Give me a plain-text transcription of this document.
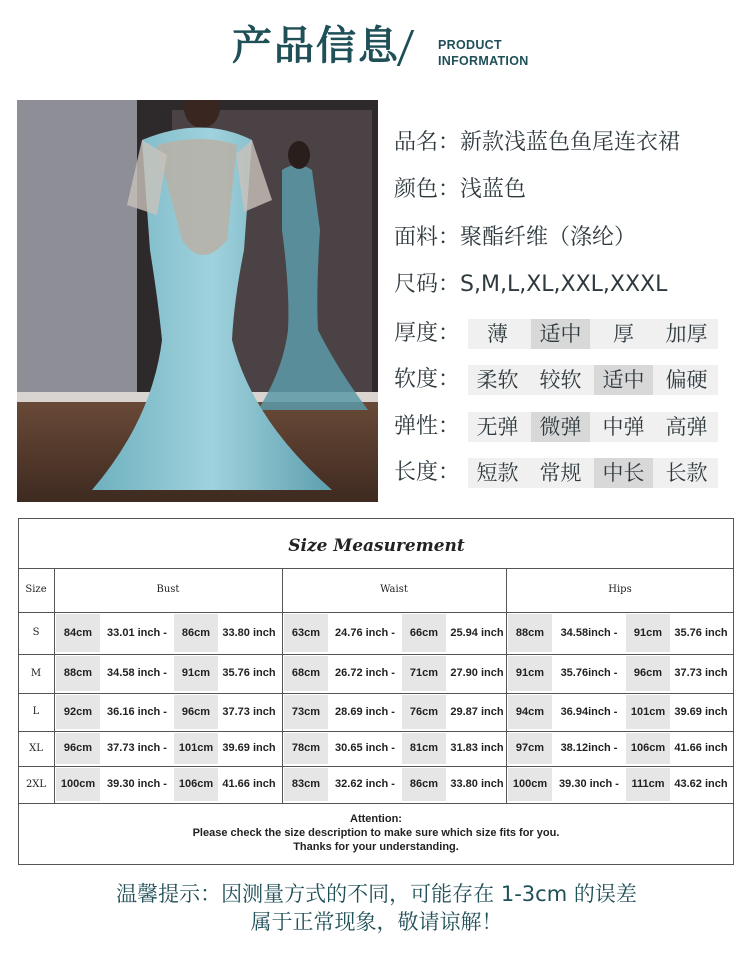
产品信息	PRODUCT
INFORMATION
品名：新款浅蓝色鱼尾连衣裙
颜色：浅蓝色
面料：聚酯纤维（涤纶）
尺码：S,M,L,XL,XXL,XXXL
厚度：	薄	适中	厚	加厚
软度： 柔软	较软	适中	偏硬
弹性： 无弹	微弹	中弹	高弹
长度： 短款	常规	中长	长款
Size Measurement
Size	Bust	Waist	Hips
S	84cm	33.01 inch -	86cm	33.80 inch	63cm	24.76 inch -	66cm	25.94 inch	88cm	34.58inch -	91cm	35.76 inch
M	88cm	34.58 inch -	91cm	35.76 inch	68cm	26.72 inch -	71cm	27.90 inch	91cm	35.76inch -	96cm	37.73 inch
L	92cm	36.16 inch -	96cm	37.73 inch	73cm	28.69 inch -	76cm	29.87 inch	94cm	36.94inch -	101cm 39.69 inch
XL	96cm	37.73 inch -	101cm 39.69 inch	78cm	30.65 inch -	81cm	31.83 inch	97cm	38.12inch -	106cm 41.66 inch
2XL	100cm	39.30 inch -	106cm 41.66 inch	83cm	32.62 inch -	86cm	33.80 inch 100cm	39.30 inch -	111cm 43.62 inch
Attention:
Please check the size description to make sure which size fits for you.
Thanks for your understanding.
温馨提示：因测量方式的不同，可能存在 1-3cm 的误差
属于正常现象，敬请谅解！
